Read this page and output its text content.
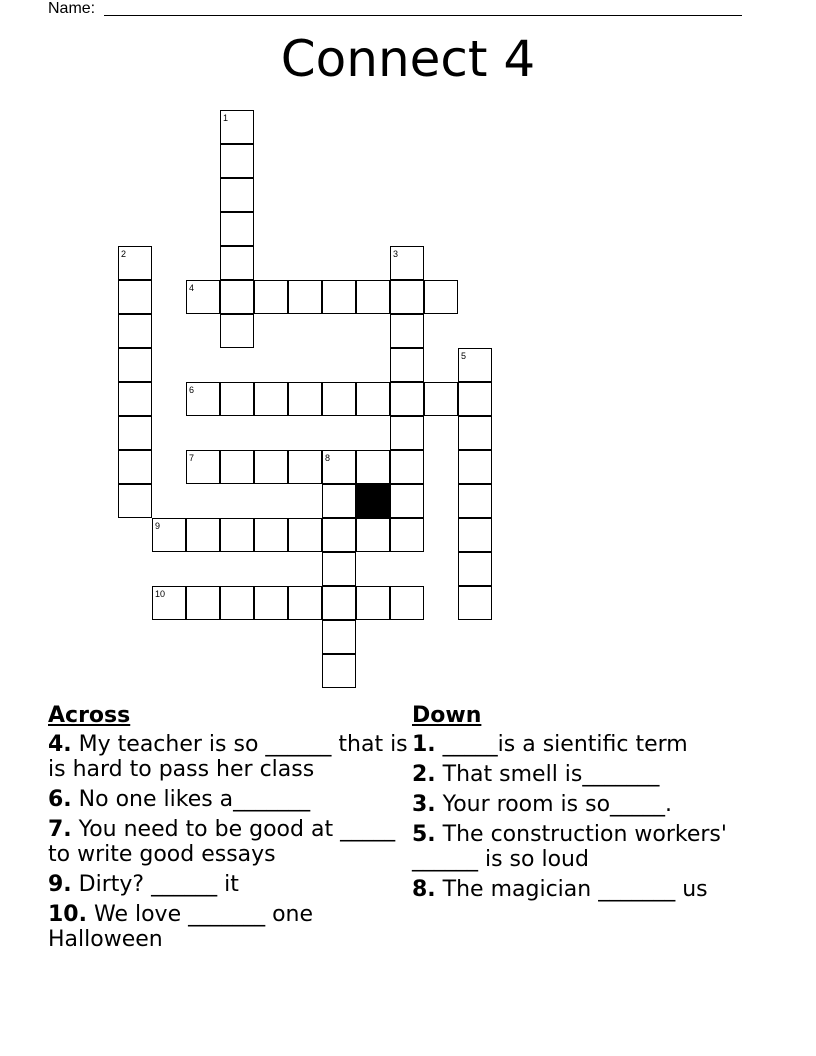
Name:
Connect 4
1
2	3
4
5
6
7	8
9
10
Across
4. My teacher is so ______ that is is hard to pass her class
6. No one likes a_______
7. You need to be good at _____ to write good essays
9. Dirty? ______ it
10. We love _______ one Halloween
Down
1. _____is a sientific term
2. That smell is_______
3. Your room is so_____.
5. The construction workers' ______ is so loud
8. The magician _______ us
